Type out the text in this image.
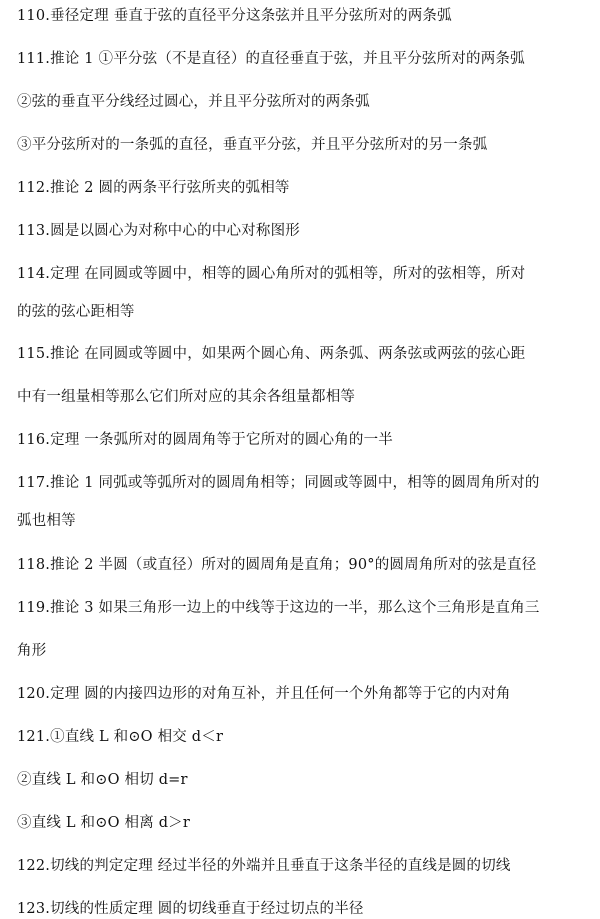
110.垂径定理 垂直于弦的直径平分这条弦并且平分弦所对的两条弧
111.推论 1 ①平分弦（不是直径）的直径垂直于弦，并且平分弦所对的两条弧
②弦的垂直平分线经过圆心，并且平分弦所对的两条弧
③平分弦所对的一条弧的直径，垂直平分弦，并且平分弦所对的另一条弧
112.推论 2 圆的两条平行弦所夹的弧相等
113.圆是以圆心为对称中心的中心对称图形
114.定理 在同圆或等圆中，相等的圆心角所对的弧相等，所对的弦相等，所对
的弦的弦心距相等
115.推论 在同圆或等圆中，如果两个圆心角、两条弧、两条弦或两弦的弦心距
中有一组量相等那么它们所对应的其余各组量都相等
116.定理 一条弧所对的圆周角等于它所对的圆心角的一半
117.推论 1 同弧或等弧所对的圆周角相等；同圆或等圆中，相等的圆周角所对的
弧也相等
118.推论 2 半圆（或直径）所对的圆周角是直角；90°的圆周角所对的弦是直径
119.推论 3 如果三角形一边上的中线等于这边的一半，那么这个三角形是直角三
角形
120.定理 圆的内接四边形的对角互补，并且任何一个外角都等于它的内对角
121.①直线 L 和⊙O 相交 d＜r
②直线 L 和⊙O 相切 d=r
③直线 L 和⊙O 相离 d＞r
122.切线的判定定理 经过半径的外端并且垂直于这条半径的直线是圆的切线
123.切线的性质定理 圆的切线垂直于经过切点的半径
